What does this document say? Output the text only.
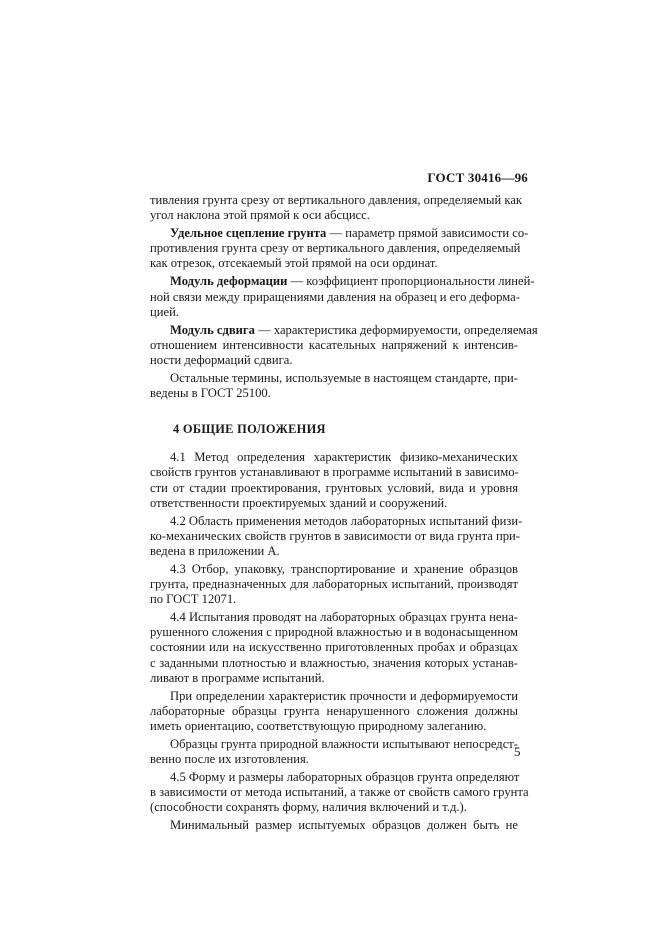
ГОСТ 30416—96
тивления грунта срезу от вертикального давления, определяемый как
угол наклона этой прямой к оси абсцисс.
Удельное сцепление грунта — параметр прямой зависимости со-
противления грунта срезу от вертикального давления, определяемый
как отрезок, отсекаемый этой прямой на оси ординат.
Модуль деформации — коэффициент пропорциональности линей-
ной связи между приращениями давления на образец и его деформа-
цией.
Модуль сдвига — характеристика деформируемости, определяемая
отношением интенсивности касательных напряжений к интенсив-
ности деформаций сдвига.
Остальные термины, используемые в настоящем стандарте, при-
ведены в ГОСТ 25100.
4 ОБЩИЕ ПОЛОЖЕНИЯ
4.1 Метод определения характеристик физико-механических
свойств грунтов устанавливают в программе испытаний в зависимо-
сти от стадии проектирования, грунтовых условий, вида и уровня
ответственности проектируемых зданий и сооружений.
4.2 Область применения методов лабораторных испытаний физи-
ко-механических свойств грунтов в зависимости от вида грунта при-
ведена в приложении А.
4.3 Отбор, упаковку, транспортирование и хранение образцов
грунта, предназначенных для лабораторных испытаний, производят
по ГОСТ 12071.
4.4 Испытания проводят на лабораторных образцах грунта нена-
рушенного сложения с природной влажностью и в водонасыщенном
состоянии или на искусственно приготовленных пробах и образцах
с заданными плотностью и влажностью, значения которых устанав-
ливают в программе испытаний.
При определении характеристик прочности и деформируемости
лабораторные образцы грунта ненарушенного сложения должны
иметь ориентацию, соответствующую природному залеганию.
Образцы грунта природной влажности испытывают непосредст-
венно после их изготовления.
4.5 Форму и размеры лабораторных образцов грунта определяют
в зависимости от метода испытаний, а также от свойств самого грунта
(способности сохранять форму, наличия включений и т.д.).
Минимальный размер испытуемых образцов должен быть не
5
